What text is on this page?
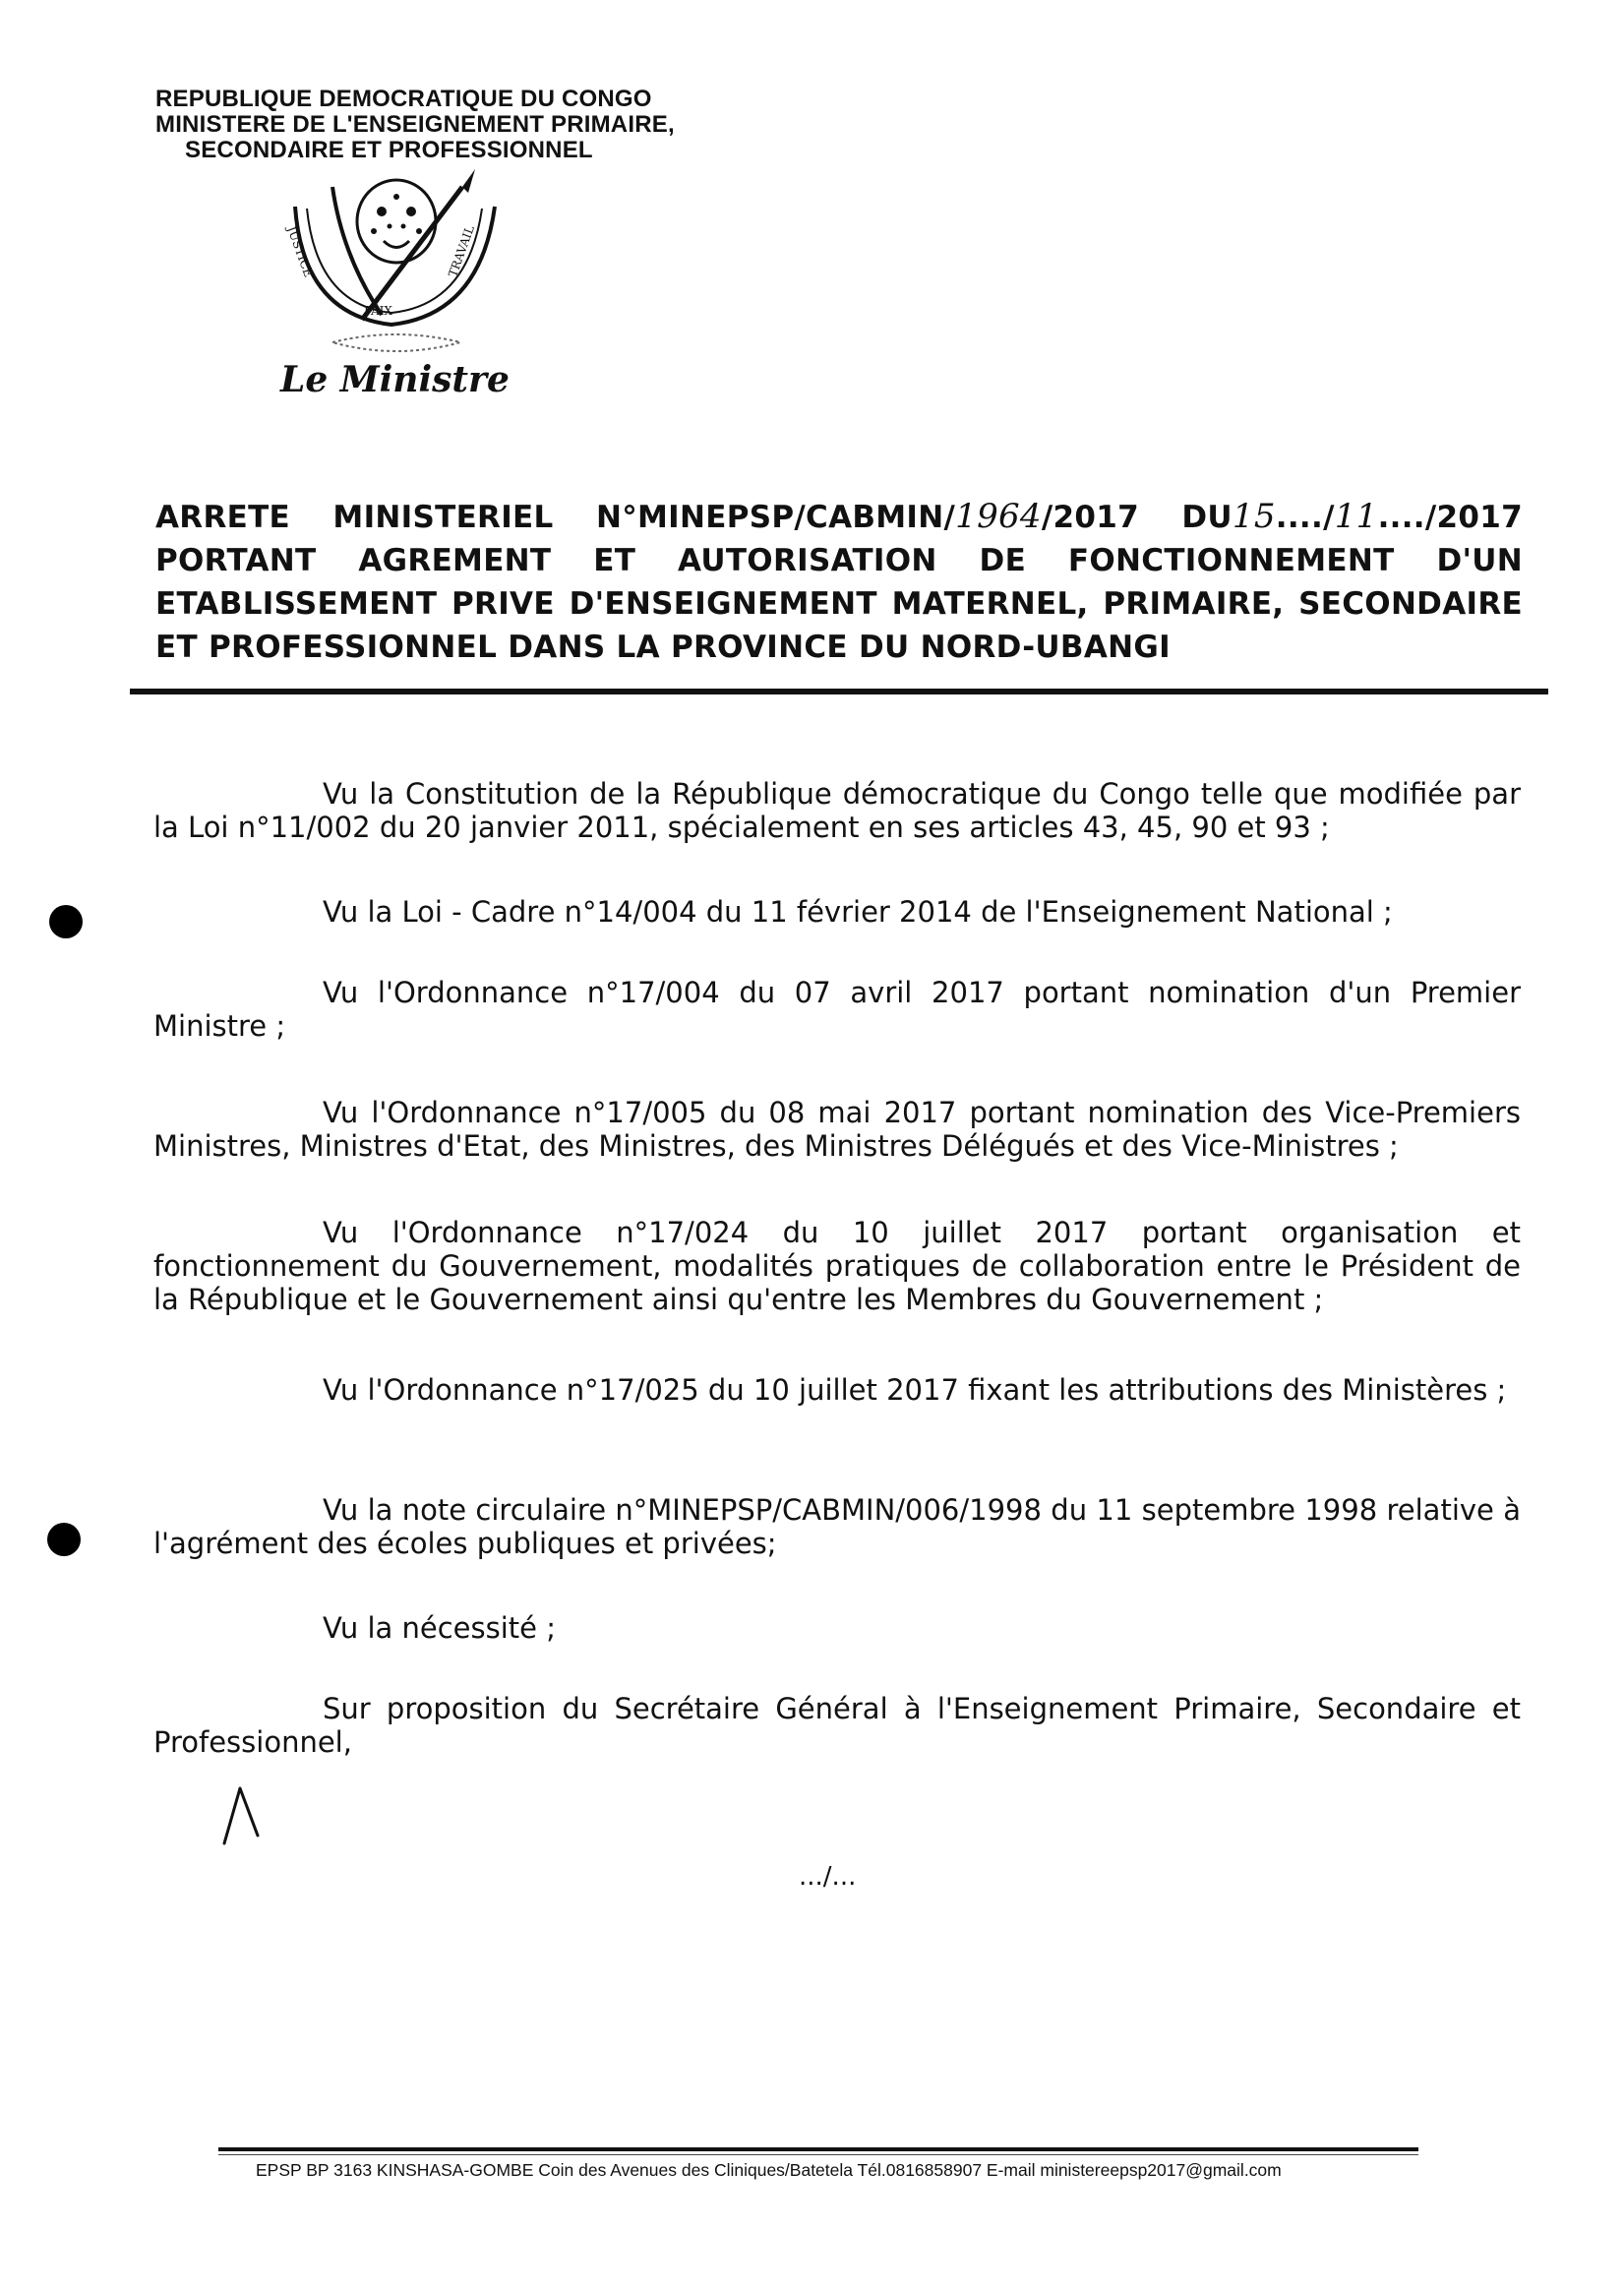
REPUBLIQUE DEMOCRATIQUE DU CONGO
MINISTERE DE L'ENSEIGNEMENT PRIMAIRE,
SECONDAIRE ET PROFESSIONNEL
JUSTICE
PAIX
TRAVAIL
Le Ministre
ARRETE MINISTERIEL N°MINEPSP/CABMIN/1964/2017 DU15..../11..../2017
PORTANT AGREMENT ET AUTORISATION DE FONCTIONNEMENT D'UN
ETABLISSEMENT PRIVE D'ENSEIGNEMENT MATERNEL, PRIMAIRE, SECONDAIRE
ET PROFESSIONNEL DANS LA PROVINCE DU NORD-UBANGI
Vu la Constitution de la République démocratique du Congo telle que modifiée par la Loi n°11/002 du 20 janvier 2011, spécialement en ses articles 43, 45, 90 et 93 ;
Vu la Loi - Cadre n°14/004 du 11 février 2014 de l'Enseignement National ;
Vu l'Ordonnance n°17/004 du 07 avril 2017 portant nomination d'un Premier Ministre ;
Vu l'Ordonnance n°17/005 du 08 mai 2017 portant nomination des Vice-Premiers Ministres, Ministres d'Etat, des Ministres, des Ministres Délégués et des Vice-Ministres ;
Vu l'Ordonnance n°17/024 du 10 juillet 2017 portant organisation et fonctionnement du Gouvernement, modalités pratiques de collaboration entre le Président de la République et le Gouvernement ainsi qu'entre les Membres du Gouvernement ;
Vu l'Ordonnance n°17/025 du 10 juillet 2017 fixant les attributions des Ministères ;
Vu la note circulaire n°MINEPSP/CABMIN/006/1998 du 11 septembre 1998 relative à l'agrément des écoles publiques et privées;
Vu la nécessité ;
Sur proposition du Secrétaire Général à l'Enseignement Primaire, Secondaire et Professionnel,
.../...
EPSP BP 3163 KINSHASA-GOMBE Coin des Avenues des Cliniques/Batetela Tél.0816858907 E-mail ministereepsp2017@gmail.com
